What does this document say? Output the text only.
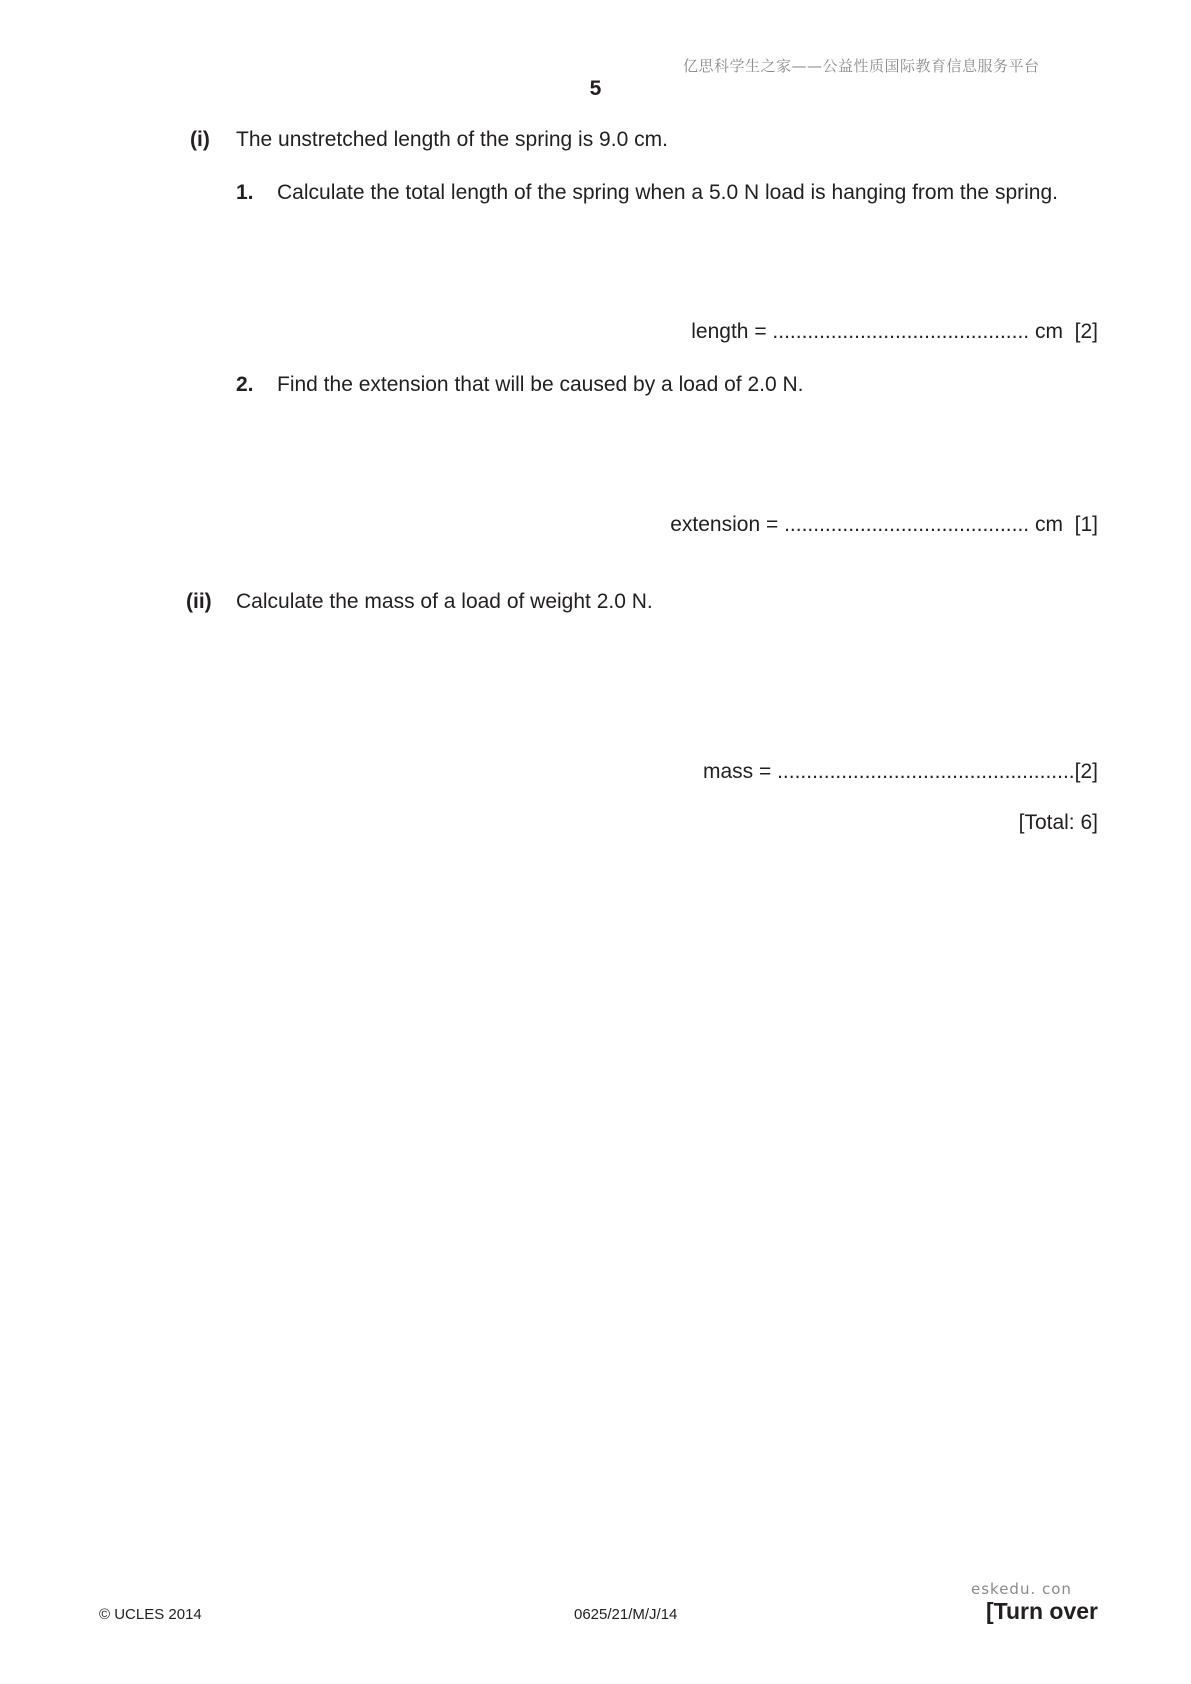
亿思科学生之家——公益性质国际教育信息服务平台
5
(i) The unstretched length of the spring is 9.0 cm.
1. Calculate the total length of the spring when a 5.0 N load is hanging from the spring.
length = ............................................ cm [2]
2. Find the extension that will be caused by a load of 2.0 N.
extension = .......................................... cm [1]
(ii) Calculate the mass of a load of weight 2.0 N.
mass = ...................................................[2]
[Total: 6]
eskedu. con
© UCLES 2014	0625/21/M/J/14	[Turn over
